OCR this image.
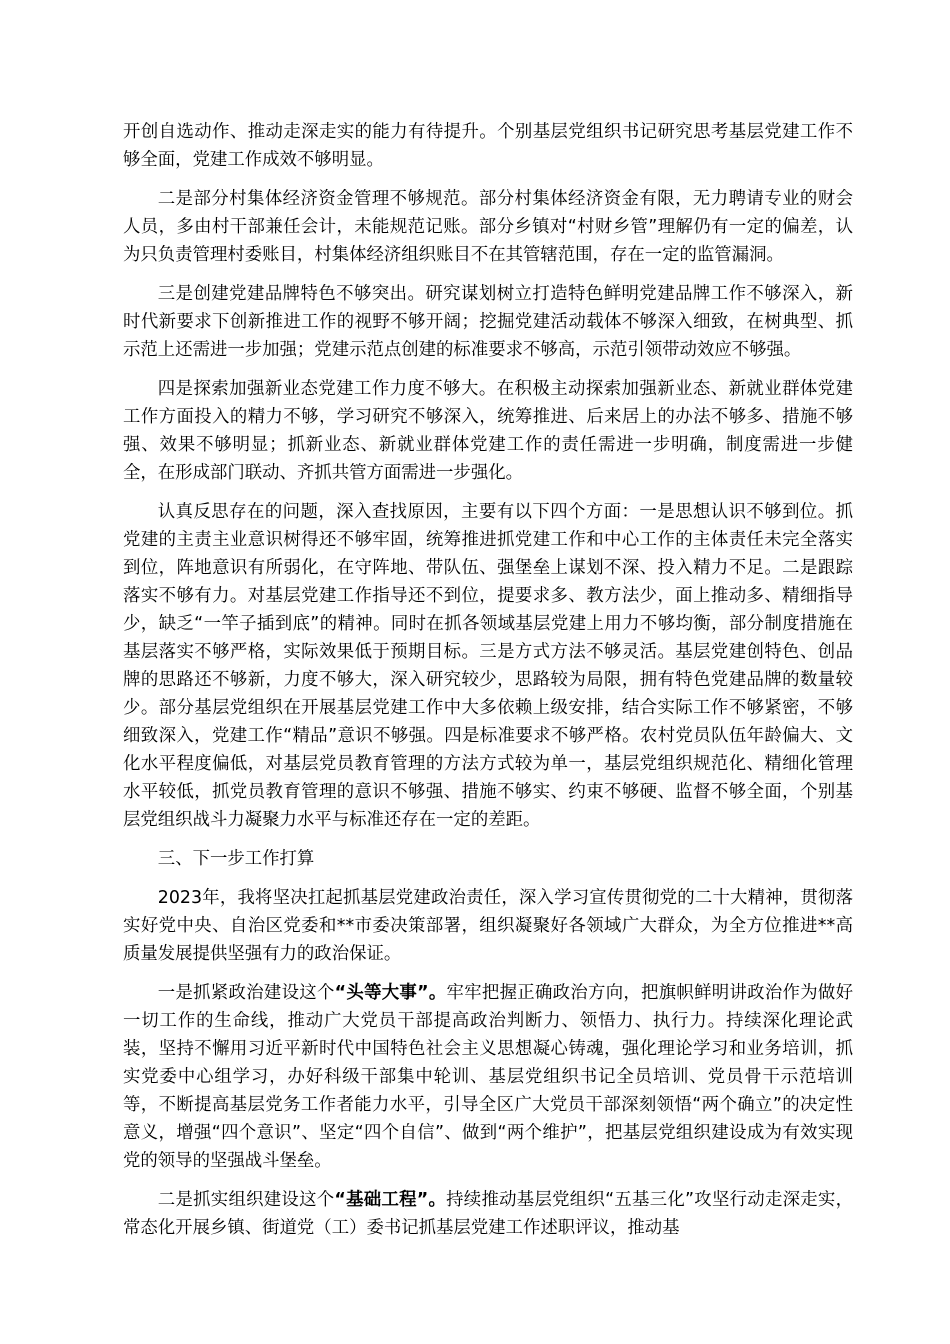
开创自选动作、推动走深走实的能力有待提升。个别基层党组织书记研究思考基层党建工作不够全面，党建工作成效不够明显。

二是部分村集体经济资金管理不够规范。部分村集体经济资金有限，无力聘请专业的财会人员，多由村干部兼任会计，未能规范记账。部分乡镇对“村财乡管”理解仍有一定的偏差，认为只负责管理村委账目，村集体经济组织账目不在其管辖范围，存在一定的监管漏洞。

三是创建党建品牌特色不够突出。研究谋划树立打造特色鲜明党建品牌工作不够深入，新时代新要求下创新推进工作的视野不够开阔；挖掘党建活动载体不够深入细致，在树典型、抓示范上还需进一步加强；党建示范点创建的标准要求不够高，示范引领带动效应不够强。

四是探索加强新业态党建工作力度不够大。在积极主动探索加强新业态、新就业群体党建工作方面投入的精力不够，学习研究不够深入，统筹推进、后来居上的办法不够多、措施不够强、效果不够明显；抓新业态、新就业群体党建工作的责任需进一步明确，制度需进一步健全，在形成部门联动、齐抓共管方面需进一步强化。

认真反思存在的问题，深入查找原因，主要有以下四个方面：一是思想认识不够到位。抓党建的主责主业意识树得还不够牢固，统筹推进抓党建工作和中心工作的主体责任未完全落实到位，阵地意识有所弱化，在守阵地、带队伍、强堡垒上谋划不深、投入精力不足。二是跟踪落实不够有力。对基层党建工作指导还不到位，提要求多、教方法少，面上推动多、精细指导少，缺乏“一竿子插到底”的精神。同时在抓各领域基层党建上用力不够均衡，部分制度措施在基层落实不够严格，实际效果低于预期目标。三是方式方法不够灵活。基层党建创特色、创品牌的思路还不够新，力度不够大，深入研究较少，思路较为局限，拥有特色党建品牌的数量较少。部分基层党组织在开展基层党建工作中大多依赖上级安排，结合实际工作不够紧密，不够细致深入，党建工作“精品”意识不够强。四是标准要求不够严格。农村党员队伍年龄偏大、文化水平程度偏低，对基层党员教育管理的方法方式较为单一，基层党组织规范化、精细化管理水平较低，抓党员教育管理的意识不够强、措施不够实、约束不够硬、监督不够全面，个别基层党组织战斗力凝聚力水平与标准还存在一定的差距。

三、下一步工作打算

2023年，我将坚决扛起抓基层党建政治责任，深入学习宣传贯彻党的二十大精神，贯彻落实好党中央、自治区党委和**市委决策部署，组织凝聚好各领域广大群众，为全方位推进**高质量发展提供坚强有力的政治保证。

一是抓紧政治建设这个“头等大事”。牢牢把握正确政治方向，把旗帜鲜明讲政治作为做好一切工作的生命线，推动广大党员干部提高政治判断力、领悟力、执行力。持续深化理论武装，坚持不懈用习近平新时代中国特色社会主义思想凝心铸魂，强化理论学习和业务培训，抓实党委中心组学习，办好科级干部集中轮训、基层党组织书记全员培训、党员骨干示范培训等，不断提高基层党务工作者能力水平，引导全区广大党员干部深刻领悟“两个确立”的决定性意义，增强“四个意识”、坚定“四个自信”、做到“两个维护”，把基层党组织建设成为有效实现党的领导的坚强战斗堡垒。

二是抓实组织建设这个“基础工程”。持续推动基层党组织“五基三化”攻坚行动走深走实，常态化开展乡镇、街道党（工）委书记抓基层党建工作述职评议，推动基
